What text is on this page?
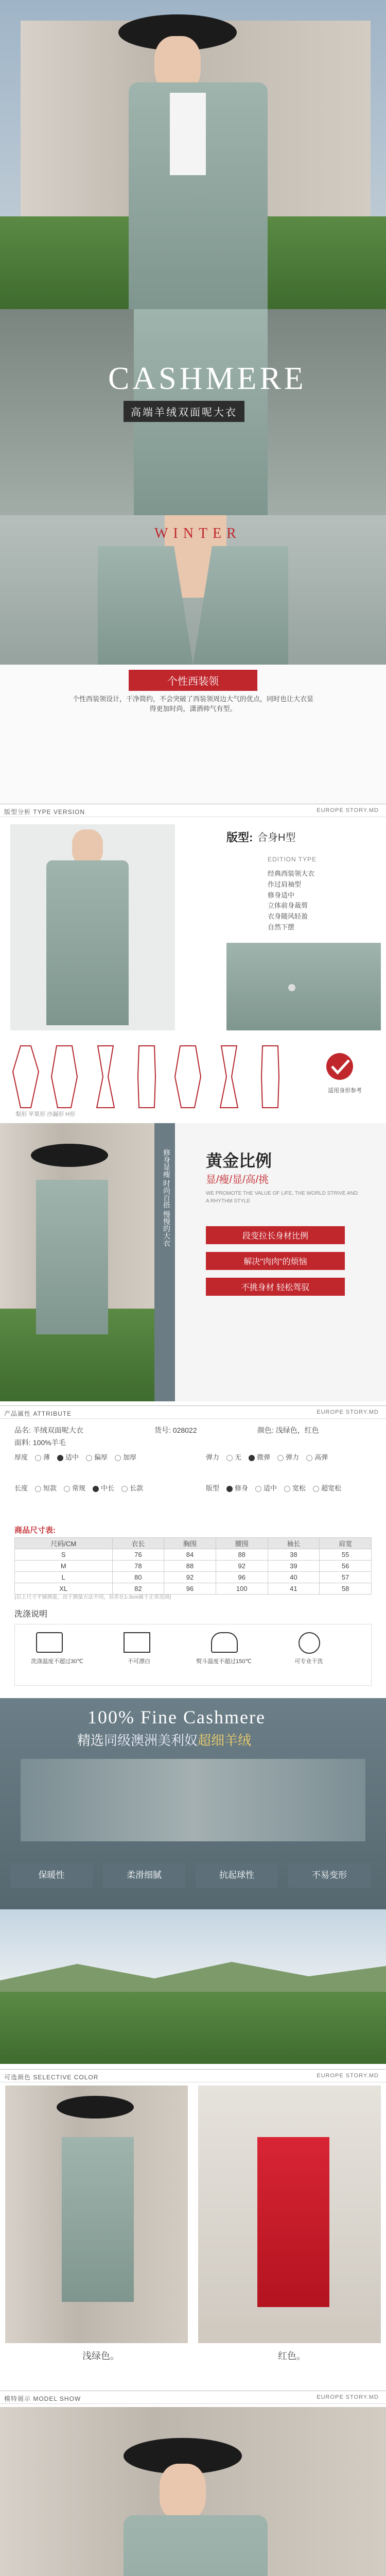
CASHMERE
高端羊绒双面呢大衣
WINTER
个性西装领
个性西装领设计，干净简约，不会突破了西装领周边大气的优点，同时也让大衣显得更加时尚，潇洒帅气有型。
版型分析 TYPE VERSION	EUROPE STORY.MD
版型: 合身H型
EDITION TYPE
经典西装领大衣
作过肩袖型
修身适中
立体前身裁剪
衣身随风轻盈
自然下摆
适用身形参考
梨形 苹果形 沙漏形 H形
修身显瘦 时尚百搭 慢慢的大衣 黄金比例
显/瘦/显/高/挑
WE PROMOTE THE VALUE OF LIFE, THE WORLD STRIVE AND A RHYTHM STYLE
段变拉长身材比例
解决"肉肉"的烦恼
不挑身材 轻松驾驭
产品属性 ATTRIBUTE	EUROPE STORY.MD
品名: 羊绒双面呢大衣	货号: 028022	颜色: 浅绿色，红色
面料: 100%羊毛
厚度 薄 适中 偏厚 加厚	弹力 无 微弹 弹力 高弹
长度 短款 常规 中长 长款	版型 修身 适中 宽松 超宽松
商品尺寸表:
尺码/CM	衣长	胸围	腰围	袖长	肩宽
S	76	84	88	38	55
M	78	88	92	39	56
L	80	92	96	40	57
XL	82	96	100	41	58
(以上尺寸平铺测量，由于测量方法不同，误差在1-3cm属于正常范围)
洗涤说明
洗涤温度不超过30℃	不可漂白	熨斗温度不超过150℃	可专业干洗
100% Fine Cashmere
精选同级澳洲美利奴超细羊绒
保暖性	柔滑细腻	抗起球性	不易变形
可选颜色 SELECTIVE COLOR	EUROPE STORY.MD
浅绿色。	红色。
模特展示 MODEL SHOW	EUROPE STORY.MD
